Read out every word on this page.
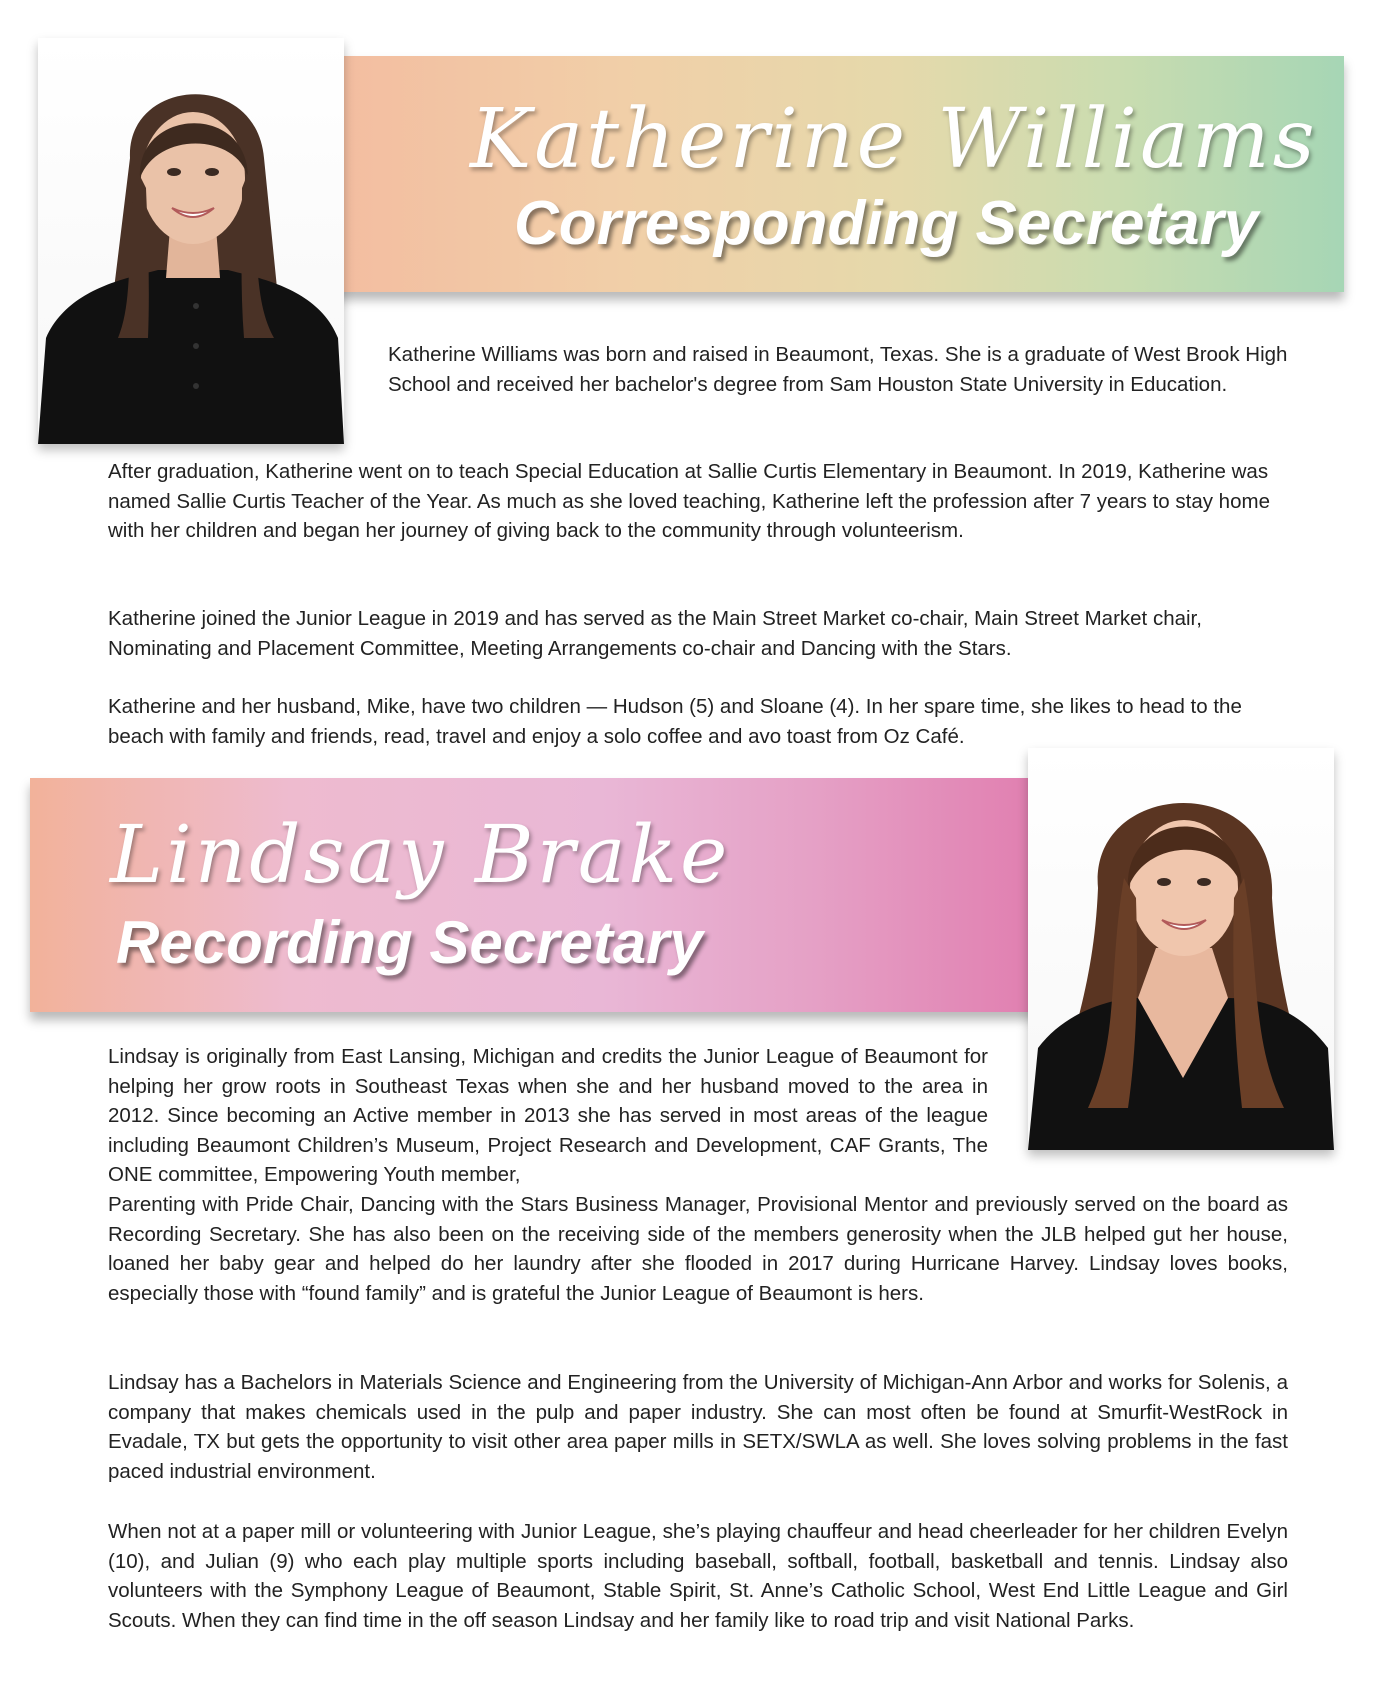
Katherine Williams
Corresponding Secretary

Katherine Williams was born and raised in Beaumont, Texas. She is a graduate of West Brook High School and received her bachelor's degree from Sam Houston State University in Education.

After graduation, Katherine went on to teach Special Education at Sallie Curtis Elementary in Beaumont. In 2019, Katherine was named Sallie Curtis Teacher of the Year. As much as she loved teaching, Katherine left the profession after 7 years to stay home with her children and began her journey of giving back to the community through volunteerism.

Katherine joined the Junior League in 2019 and has served as the Main Street Market co-chair, Main Street Market chair, Nominating and Placement Committee, Meeting Arrangements co-chair and Dancing with the Stars.

Katherine and her husband, Mike, have two children — Hudson (5) and Sloane (4). In her spare time, she likes to head to the beach with family and friends, read, travel and enjoy a solo coffee and avo toast from Oz Café.

Lindsay Brake
Recording Secretary

Lindsay is originally from East Lansing, Michigan and credits the Junior League of Beaumont for helping her grow roots in Southeast Texas when she and her husband moved to the area in 2012. Since becoming an Active member in 2013 she has served in most areas of the league including Beaumont Children’s Museum, Project Research and Development, CAF Grants, The ONE committee, Empowering Youth member,

Parenting with Pride Chair, Dancing with the Stars Business Manager, Provisional Mentor and previously served on the board as Recording Secretary. She has also been on the receiving side of the members generosity when the JLB helped gut her house, loaned her baby gear and helped do her laundry after she flooded in 2017 during Hurricane Harvey. Lindsay loves books, especially those with “found family” and is grateful the Junior League of Beaumont is hers.

Lindsay has a Bachelors in Materials Science and Engineering from the University of Michigan-Ann Arbor and works for Solenis, a company that makes chemicals used in the pulp and paper industry. She can most often be found at Smurfit-WestRock in Evadale, TX but gets the opportunity to visit other area paper mills in SETX/SWLA as well. She loves solving problems in the fast paced industrial environment.

When not at a paper mill or volunteering with Junior League, she’s playing chauffeur and head cheerleader for her children Evelyn (10), and Julian (9) who each play multiple sports including baseball, softball, football, basketball and tennis. Lindsay also volunteers with the Symphony League of Beaumont, Stable Spirit, St. Anne’s Catholic School, West End Little League and Girl Scouts. When they can find time in the off season Lindsay and her family like to road trip and visit National Parks.
